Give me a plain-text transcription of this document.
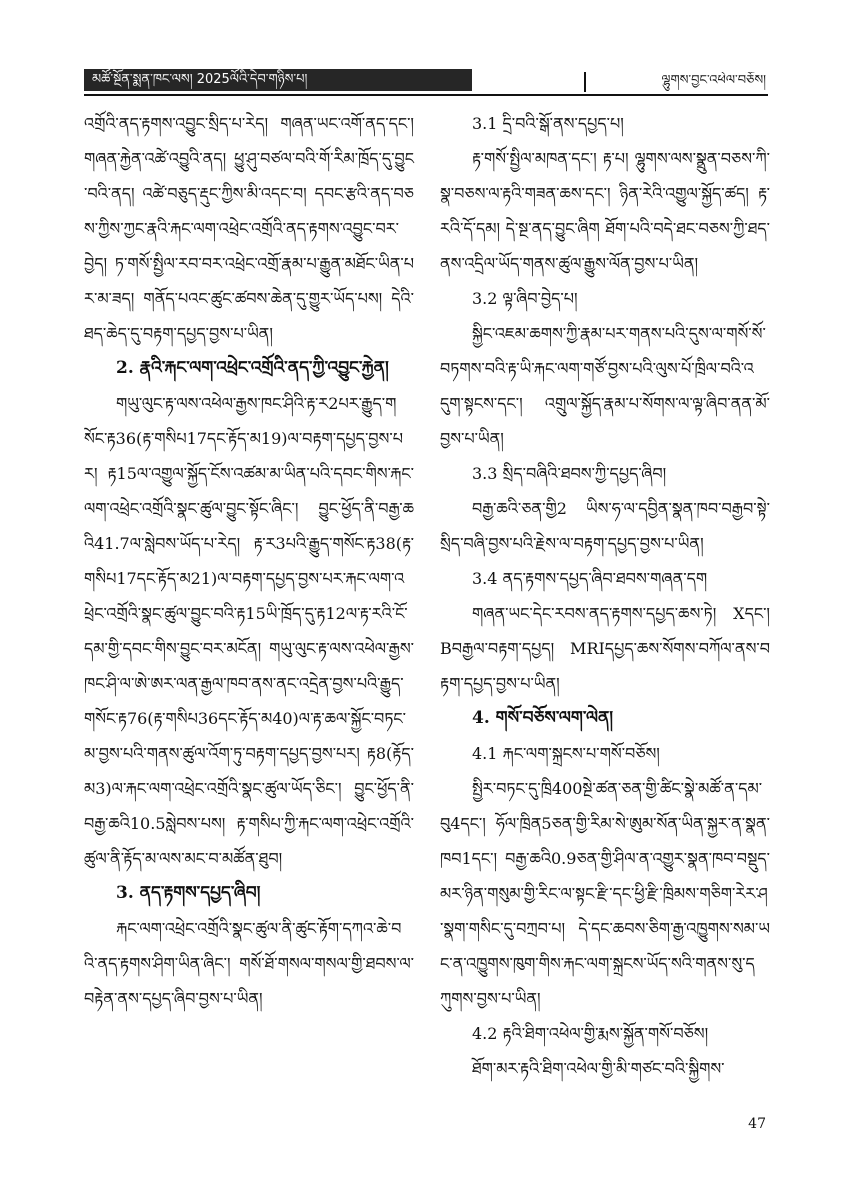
མཚོ་སྔོན་སྨན་ཁང་ལས། 2025ལོའི་དེབ་གཉིས་པ།	ལྷུགས་བྱང་འཕེལ་བཅོས།

འགྲོའི་ནད་རྟགས་འབྱུང་སྲིད་པ་རེད། གཞན་ཡང་འགོ་ནད་དང་། གཞན་རྐྱེན་འཚེ་འབྱུའི་ནད། ཕྱུ་ཤུ་བཙལ་བའི་གོ་རིམ་ཁྲོད་དུ་བྱུང་བའི་ནད། འཚེ་བཅུད་རྡུང་ཀྱིས་མི་འདང་བ། དབང་རྩའི་ནད་བཅས་ཀྱིས་ཀྱང་རྣའི་རྐང་ལག་འཕྲེང་འགྲོའི་ནད་རྟགས་འབྱུང་བར་བྱེད། ཏ་གསོ་སྤྱིལ་རབ་བར་འཕྲེང་འགྲོ་རྣམ་པ་རྒྱུན་མཐོང་ཡིན་པར་མ་ཟད། གནོད་པའང་ཚུང་ཚབས་ཆེན་དུ་གྱུར་ཡོད་པས། དེའི་ཐད་ཆེད་དུ་བརྟག་དཔྱད་བྱས་པ་ཡིན།

2. རྣའི་རྐང་ལག་འཕྲེང་འགྲོའི་ནད་ཀྱི་འབྱུང་རྐྱེན།

གཡུ་ལུང་རྟ་ལས་འཕེལ་རྒྱས་ཁང་ཤིའི་རྟ་ར2པར་རྒྱུད་གསོང་རྟ36(རྟ་གསིཔ17དང་རྟོད་མ19)ལ་བརྟག་དཔྱད་བྱས་པར། རྟ15ལ་འགྱུལ་སྐྱོད་ངོས་འཚམ་མ་ཡིན་པའི་དབང་གིས་རྐང་ལག་འཕྲེང་འགྲོའི་སྣང་ཚུལ་བྱུང་སྟོང་ཞིང་། བྱུང་ཕྱོད་ནི་བརྒྱ་ཆའི41.7ལ་སླེབས་ཡོད་པ་རེད། རྟ་ར3པའི་རྒྱུད་གསོང་རྟ38(རྟ་གསིཔ17དང་རྟོད་མ21)ལ་བརྟག་དཔྱད་བྱས་པར་རྐང་ལག་འཕྲེང་འགྲོའི་སྣང་ཚུལ་བྱུང་བའི་རྟ15ཡི་ཁྲོད་དུ་རྟ12ལ་རྟ་རའི་ངོ་དམ་གྱི་དབང་གིས་བྱུང་བར་མངོན། གཡུ་ལུང་རྟ་ལས་འཕེལ་རྒྱས་ཁང་ཤི་ལ་ཨེ་ཨར་ལན་རྒྱལ་ཁབ་ནས་ནང་འདྲེན་བྱས་པའི་རྒྱུད་གསོང་རྟ76(རྟ་གསིཔ36དང་རྟོད་མ40)ལ་རྟ་ཆལ་སྐྱོང་བཏང་མ་བྱས་པའི་གནས་ཚུལ་འོག་ཏུ་བརྟག་དཔྱད་བྱས་པར། རྟ8(རྟོད་མ3)ལ་རྐང་ལག་འཕྲེང་འགྲོའི་སྣང་ཚུལ་ཡོད་ཅིང་། བྱུང་ཕྱོད་ནི་བརྒྱ་ཆའི10.5སླེབས་པས། རྟ་གསིཔ་ཀྱི་རྐང་ལག་འཕྲེང་འགྲོའི་ཚུལ་ནི་རྟོད་མ་ལས་མང་བ་མཚོན་ཐུབ།

3. ནད་རྟགས་དཔྱད་ཞིབ།

རྐང་ལག་འཕྲེང་འགྲོའི་སྣང་ཚུལ་ནི་ཚུང་རྟོག་དཀའ་ཆེ་བའི་ནད་རྟགས་ཤིག་ཡིན་ཞིང་། གསོ་ཐོ་གསལ་གསལ་གྱི་ཐབས་ལ་བརྟེན་ནས་དཔྱད་ཞིབ་བྱས་པ་ཡིན།

3.1 དྲི་བའི་སྒོ་ནས་དཔྱད་པ།

རྟ་གསོ་སྤྱིལ་མཁན་དང་། རྟ་པ། ལྷུགས་ལས་སྣྲུན་བཅས་ཀི་སྣ་བཅས་ལ་རྟའི་གཟན་ཆས་དང་། ཉིན་རེའི་འགྱུལ་སྐྱོད་ཚད། རྟ་རའི་དོ་དམ། དེ་སྔ་ནད་བྱུང་ཞིག ཐོག་པའི་བདེ་ཐང་བཅས་ཀྱི་ཐད་ནས་འདྲིལ་ཡོད་གནས་ཚུལ་རྒྱུས་ལོན་བྱས་པ་ཡིན།

3.2 ལྟ་ཞིབ་བྱེད་པ།

སྐྱིང་འཇམ་ཆགས་ཀྱི་རྣམ་པར་གནས་པའི་དུས་ལ་གསོ་སོ་བཏགས་བའི་རྟ་ཡི་རྐང་ལག་གཙོ་བྱས་པའི་ལུས་པོ་ཁྲིལ་བའི་འདུག་སྟངས་དང་། འགྲུལ་སྐྱོད་རྣམ་པ་སོགས་ལ་ལྟ་ཞིབ་ནན་མོ་བྱས་པ་ཡིན།

3.3 སྲིད་བཞིའི་ཐབས་ཀྱི་དཔྱད་ཞིབ།

བརྒྱ་ཆའི་ཅན་གྱི2 ཡིས་ཧ་ལ་དབྱིན་སྣན་ཁབ་བརྒྱབ་སྟེ་སྲིད་བཞི་བྱས་པའི་རྗེས་ལ་བརྟག་དཔྱད་བྱས་པ་ཡིན།

3.4 ནད་རྟགས་དཔྱད་ཞིབ་ཐབས་གཞན་དག

གཞན་ཡང་དེང་རབས་ནད་རྟགས་དཔྱད་ཆས་ཏེ། Xདང་། Bབརྒྱལ་བརྟག་དཔྱད། MRIདཔྱད་ཆས་སོགས་བཀོལ་ནས་བརྟག་དཔྱད་བྱས་པ་ཡིན།

4. གསོ་བཅོས་ལག་ལེན།

4.1 རྐང་ལག་སྐྲངས་པ་གསོ་བཅོས།

སྤྱིར་བཏང་དུ་ཁྲི400སྔེ་ཚན་ཅན་གྱི་ཚིང་སྣེ་མཚོ་ན་དམ་བུ4དང་། ཧོལ་ཁྲིན5ཅན་གྱི་རིམ་སེ་ཨུམ་སོན་ཡིན་སྐྱར་ན་སྣན་ཁབ1དང་། བརྒྱ་ཆའི0.9ཅན་གྱི་ཤིལ་ན་འགྱུར་སྣན་ཁབ་བསྡུད་མར་ཉིན་གསུམ་གྱི་རིང་ལ་སྟང་རྫི་དང་ཕྱི་རྫི་ཁྲིམས་གཅིག་རེར་ཤ་སྣག་གསིང་དུ་བཀྲབ་པ། དེ་དང་ཆབས་ཅིག་རྒྱ་འཁྱུགས་སམ་ཡང་ན་འཁྱུགས་ཁུག་གིས་རྐང་ལག་སྐྲངས་ཡོད་སའི་གནས་སུ་དཀུགས་བྱས་པ་ཡིན།

4.2 རྟའི་ཐིག་འཕེལ་གྱི་རྨས་སྐྱོན་གསོ་བཅོས།

ཐོག་མར་རྟའི་ཐིག་འཕེལ་གྱི་མི་གཙང་བའི་སྐྱིགས་

47
